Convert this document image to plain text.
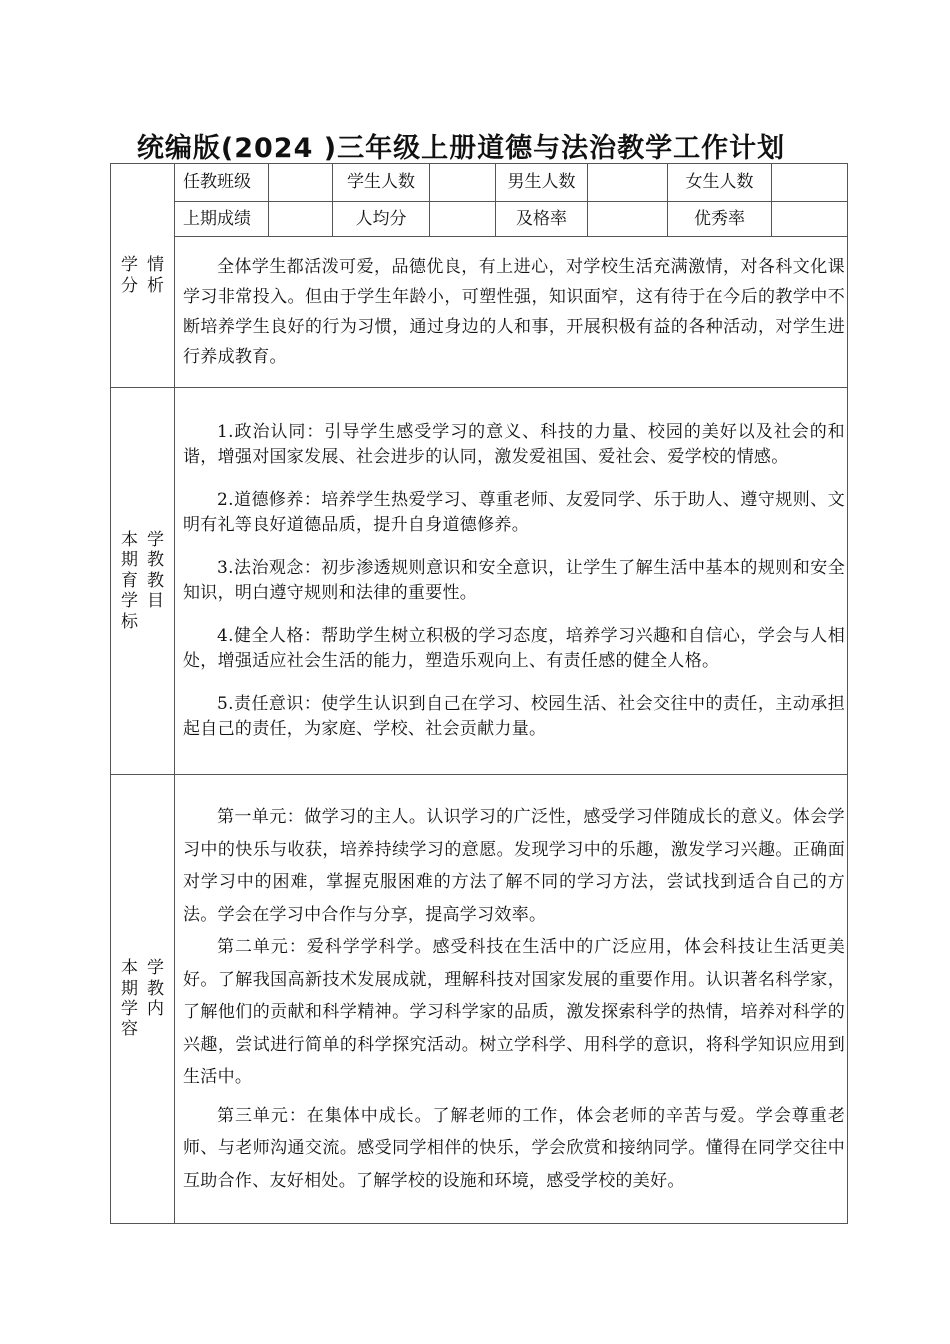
统编版(2024 )三年级上册道德与法治教学工作计划
学情分析	任教班级		学生人数		男生人数		女生人数	
	上期成绩		人均分		及格率		优秀率	

	全体学生都活泼可爱，品德优良，有上进心，对学校生活充满激情，对各科文化课学习非常投入。但由于学生年龄小，可塑性强，知识面窄，这有待于在今后的教学中不断培养学生良好的行为习惯，通过身边的人和事，开展积极有益的各种活动，对学生进行养成教育。							

本学期教育教学目标	1.政治认同：引导学生感受学习的意义、科技的力量、校园的美好以及社会的和谐，增强对国家发展、社会进步的认同，激发爱祖国、爱社会、爱学校的情感。

2.道德修养：培养学生热爱学习、尊重老师、友爱同学、乐于助人、遵守规则、文明有礼等良好道德品质，提升自身道德修养。

3.法治观念：初步渗透规则意识和安全意识，让学生了解生活中基本的规则和安全知识，明白遵守规则和法律的重要性。

4.健全人格：帮助学生树立积极的学习态度，培养学习兴趣和自信心，学会与人相处，增强适应社会生活的能力，塑造乐观向上、有责任感的健全人格。

5.责任意识：使学生认识到自己在学习、校园生活、社会交往中的责任，主动承担起自己的责任，为家庭、学校、社会贡献力量。							

本学期教学内容	第一单元：做学习的主人。认识学习的广泛性，感受学习伴随成长的意义。体会学习中的快乐与收获，培养持续学习的意愿。发现学习中的乐趣，激发学习兴趣。正确面对学习中的困难，掌握克服困难的方法了解不同的学习方法，尝试找到适合自己的方法。学会在学习中合作与分享，提高学习效率。

第二单元：爱科学学科学。感受科技在生活中的广泛应用，体会科技让生活更美好。了解我国高新技术发展成就，理解科技对国家发展的重要作用。认识著名科学家，了解他们的贡献和科学精神。学习科学家的品质，激发探索科学的热情，培养对科学的兴趣，尝试进行简单的科学探究活动。树立学科学、用科学的意识，将科学知识应用到生活中。

第三单元：在集体中成长。了解老师的工作，体会老师的辛苦与爱。学会尊重老师、与老师沟通交流。感受同学相伴的快乐，学会欣赏和接纳同学。懂得在同学交往中互助合作、友好相处。了解学校的设施和环境，感受学校的美好。							
